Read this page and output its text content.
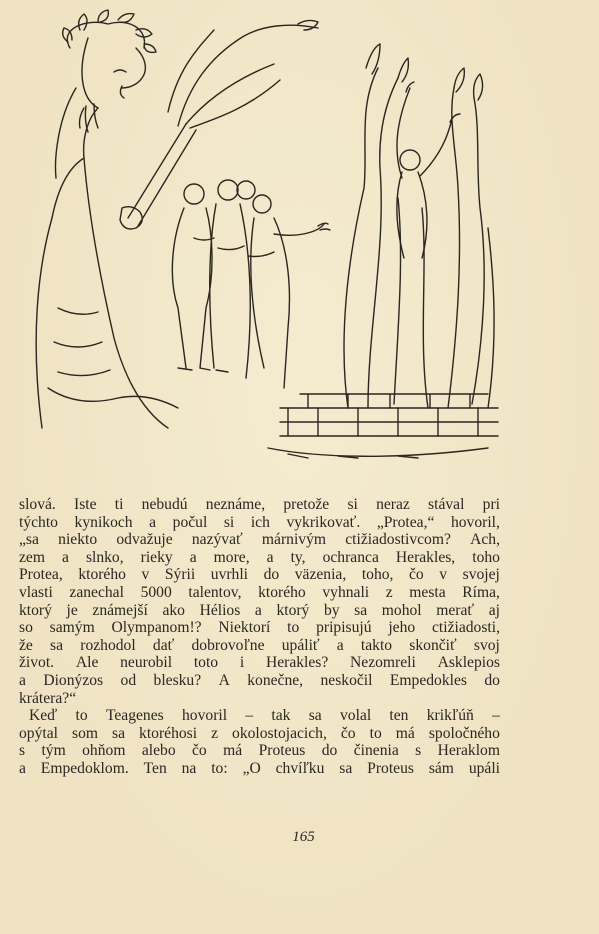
slová. Iste ti nebudú neznáme, pretože si neraz stával pri
týchto kynikoch a počul si ich vykrikovať. „Protea,“ hovoril,
„sa niekto odvažuje nazývať márnivým ctižiadostivcom? Ach,
zem a slnko, rieky a more, a ty, ochranca Herakles, toho
Protea, ktorého v Sýrii uvrhli do väzenia, toho, čo v svojej
vlasti zanechal 5000 talentov, ktorého vyhnali z mesta Ríma,
ktorý je známejší ako Hélios a ktorý by sa mohol merať aj
so samým Olympanom!? Niektorí to pripisujú jeho ctižiadosti,
že sa rozhodol dať dobrovoľne upáliť a takto skončiť svoj
život. Ale neurobil toto i Herakles? Nezomreli Asklepios
a Dionýzos od blesku? A konečne, neskočil Empedokles do
krátera?“
Keď to Teagenes hovoril – tak sa volal ten krikľúň –
opýtal som sa ktoréhosi z okolostojacich, čo to má spoločného
s tým ohňom alebo čo má Proteus do činenia s Heraklom
a Empedoklom. Ten na to: „O chvíľku sa Proteus sám upáli
165
